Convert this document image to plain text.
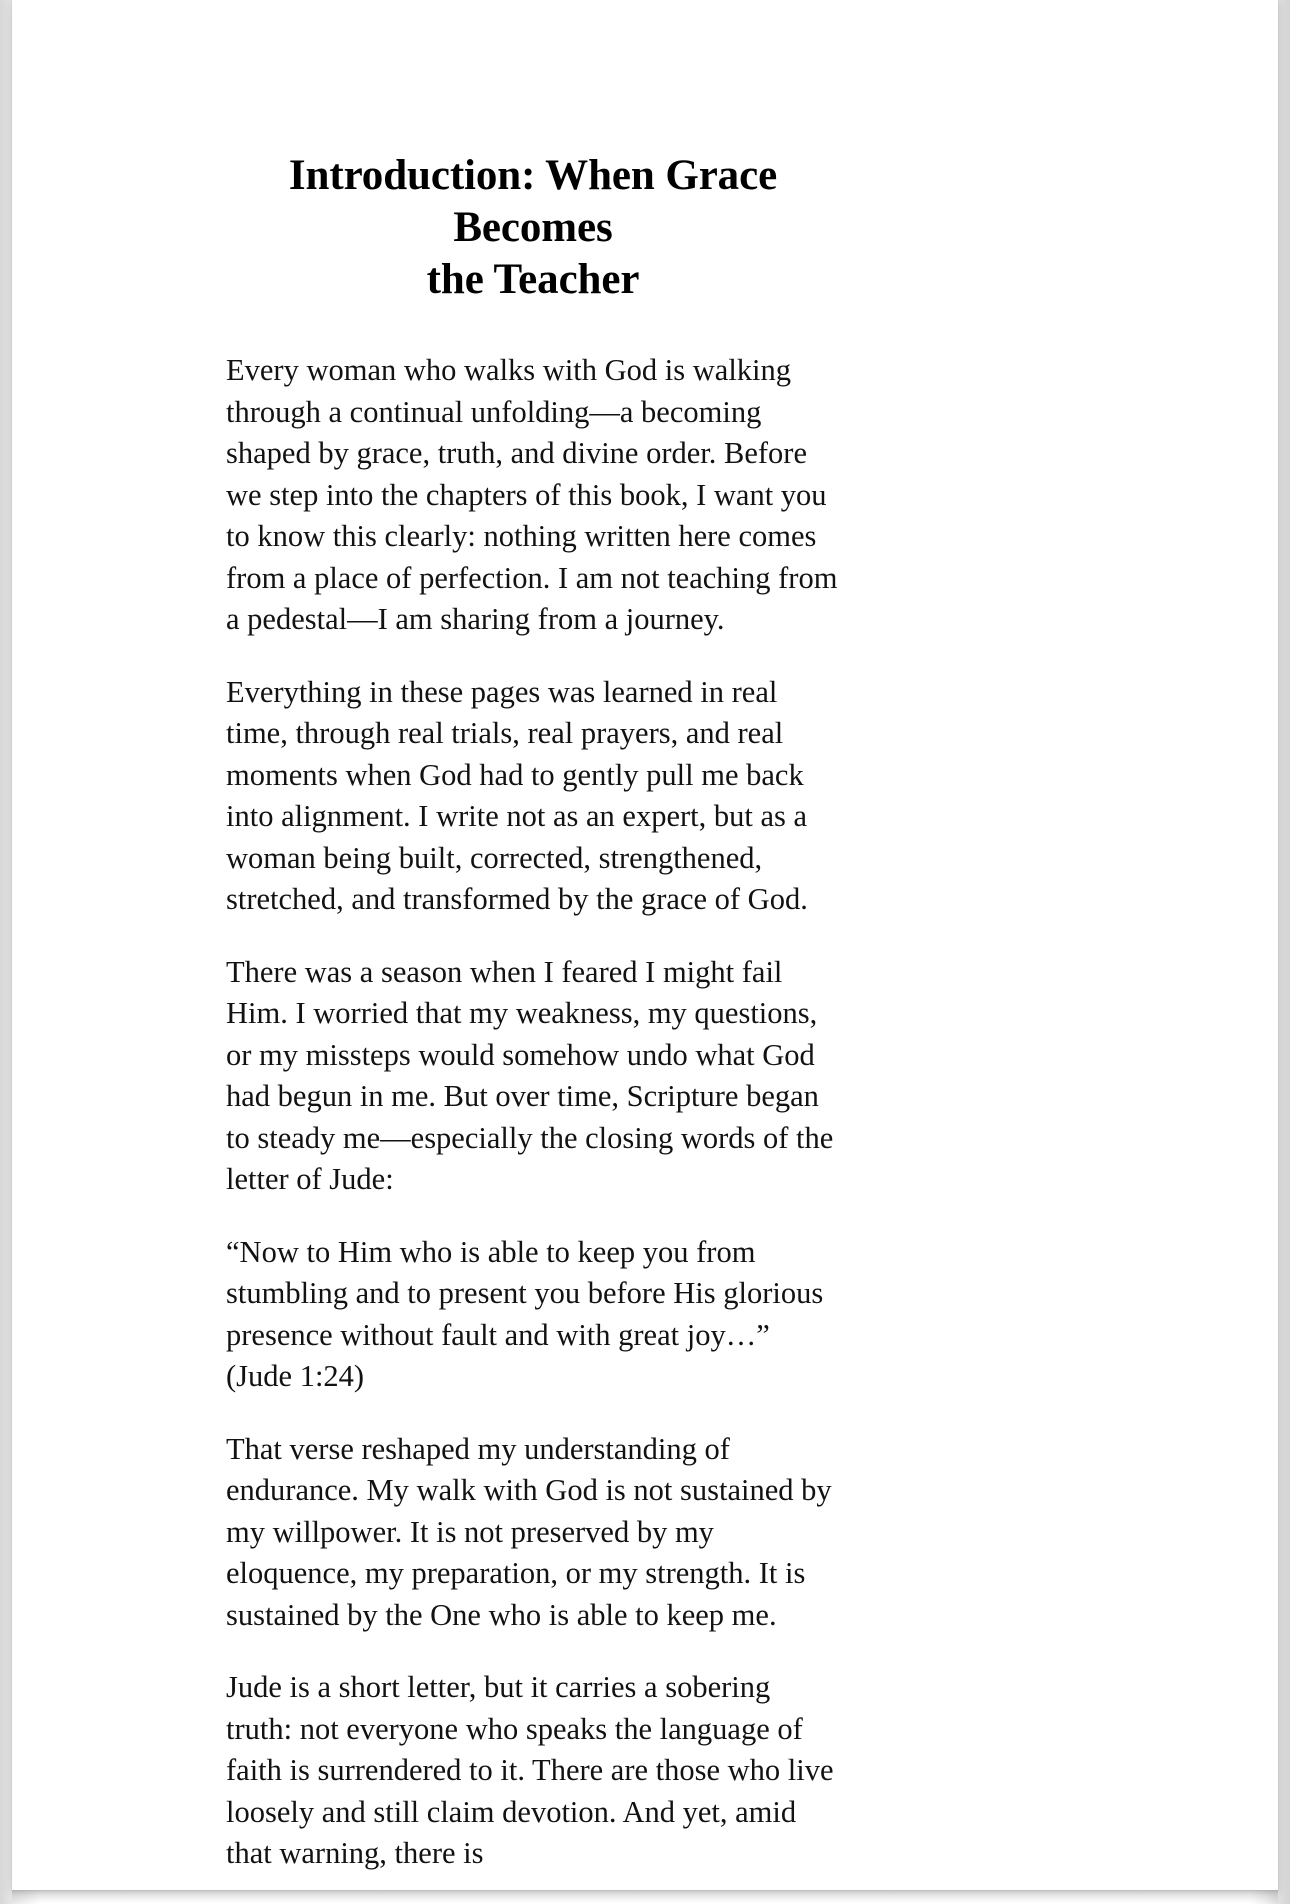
Introduction: When Grace Becomes
the Teacher

Every woman who walks with God is walking through a continual unfolding—a becoming shaped by grace, truth, and divine order. Before we step into the chapters of this book, I want you to know this clearly: nothing written here comes from a place of perfection. I am not teaching from a pedestal—I am sharing from a journey.

Everything in these pages was learned in real time, through real trials, real prayers, and real moments when God had to gently pull me back into alignment. I write not as an expert, but as a woman being built, corrected, strengthened, stretched, and transformed by the grace of God.

There was a season when I feared I might fail Him. I worried that my weakness, my questions, or my missteps would somehow undo what God had begun in me. But over time, Scripture began to steady me—especially the closing words of the letter of Jude:

“Now to Him who is able to keep you from stumbling and to present you before His glorious presence without fault and with great joy…” (Jude 1:24)

That verse reshaped my understanding of endurance. My walk with God is not sustained by my willpower. It is not preserved by my eloquence, my preparation, or my strength. It is sustained by the One who is able to keep me.

Jude is a short letter, but it carries a sobering truth: not everyone who speaks the language of faith is surrendered to it. There are those who live loosely and still claim devotion. And yet, amid that warning, there is
